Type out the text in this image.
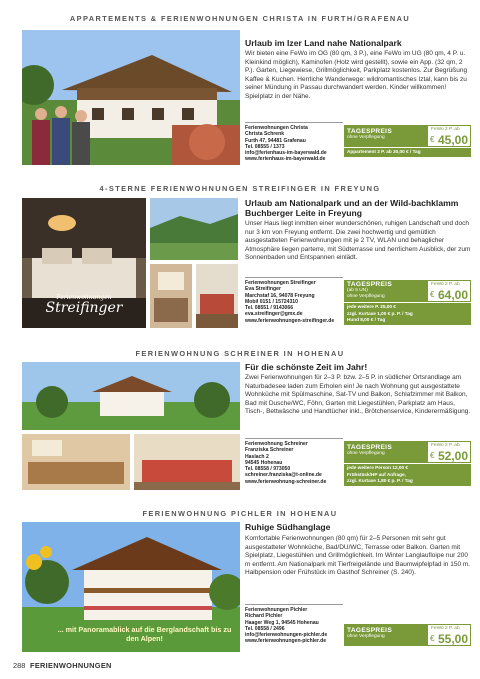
APPARTEMENTS & FERIENWOHNUNGEN CHRISTA IN FURTH/GRAFENAU
Urlaub im Izer Land nahe Nationalpark
Wir bieten eine FeWo im OG (80 qm, 3 P.), eine FeWo im UG (80 qm, 4 P. u. Kleinkind möglich), Kaminofen (Holz wird gestellt), sowie ein App. (32 qm, 2 P.). Garten, Liegewiese, Grillmöglichkeit, Parkplatz kostenlos. Zur Begrüßung Kaffee & Kuchen. Herrliche Wanderwege: wildromantisches Iztal, kann bis zu seiner Mündung in Passau durchwandert werden. Kinder willkommen! Spielplatz in der Nähe.
Ferienwohnungen Christa
Christa Schrenk
Furth 47, 94481 Grafenau
Tel. 08555 / 1373
info@ferienhaus-im-bayerwald.de
www.ferienhaus-im-bayerwald.de
TAGESPREIS
ohne Verpflegung
FeWo 2 P. ab
€ 45,00
Appartement 2 P. ab 30,00 € / Tag
4-STERNE FERIENWOHNUNGEN STREIFINGER IN FREYUNG
Ferienwohnungen
Streifinger
Urlaub am Nationalpark und an der Wild-bachklamm Buchberger Leite in Freyung
Unser Haus liegt inmitten einer wunderschönen, ruhigen Landschaft und doch nur 3 km von Freyung entfernt. Die zwei hochwertig und gemütlich ausgestatteten Ferienwohnungen mit je 2 TV, WLAN und behaglicher Atmosphäre liegen parterre, mit Südterrasse und herrlichem Ausblick, der zum Sonnenbaden und Entspannen einlädt.
Ferienwohnungen Streifinger
Eva Streifinger
Marchstaf 16, 94078 Freyung
Mobil 0151 / 15724310
Tel. 08551 / 9143066
eva.streifinger@gmx.de
www.ferienwohnungen-streifinger.de
TAGESPREIS
(ab 5 UN)
ohne Verpflegung
FeWo 2 P. ab
€ 64,00
jede weitere P. 25,00 €
zzgl. Kurtaxe 1,00 € p. P. / Tag
Hund 8,00 € / Tag
FERIENWOHNUNG SCHREINER IN HOHENAU
Für die schönste Zeit im Jahr!
Zwei Ferienwohnungen für 2–3 P. bzw. 2–5 P. in südlicher Ortsrandlage am Naturbadesee laden zum Erholen ein! Je nach Wohnung gut ausgestattete Wohnküche mit Spülmaschine, Sat-TV und Balkon, Schlafzimmer mit Balkon, Bad mit Dusche/WC, Föhn, Garten mit Liegestühlen, Parkplatz am Haus, Tisch-, Bettwäsche und Handtücher inkl., Brötchenservice, Kinderermäßigung.
Ferienwohnung Schreiner
Franziska Schreiner
Haslach 2
94545 Hohenau
Tel. 08558 / 973050
schreiner.franziska@t-online.de
www.ferienwohnung-schreiner.de
TAGESPREIS
ohne Verpflegung
FeWo 2 P. ab
€ 52,00
jede weitere Person 12,00 €
Frühstück/HP auf Anfrage,
zzgl. Kurtaxe 1,80 € p. P. / Tag
FERIENWOHNUNG PICHLER IN HOHENAU
... mit Panoramablick auf die Berglandschaft bis zu den Alpen!
Ruhige Südhanglage
Komfortable Ferienwohnungen (80 qm) für 2–5 Personen mit sehr gut ausgestatteter Wohnküche, Bad/DU/WC, Terrasse oder Balkon. Garten mit Spielplatz, Liegestühlen und Grillmöglichkeit. Im Winter Langlaufloipe nur 200 m entfernt. Am Nationalpark mit Tierfreigelände und Baumwipfelpfad in 150 m. Halbpension oder Frühstück im Gasthof Schreiner (S. 240).
Ferienwohnungen Pichler
Richard Pichler
Haager Weg 1, 94545 Hohenau
Tel. 08558 / 2496
info@ferienwohnungen-pichler.de
www.ferienwohnungen-pichler.de
TAGESPREIS
ohne Verpflegung
FeWo 2 P. ab
€ 55,00
288 FERIENWOHNUNGEN
